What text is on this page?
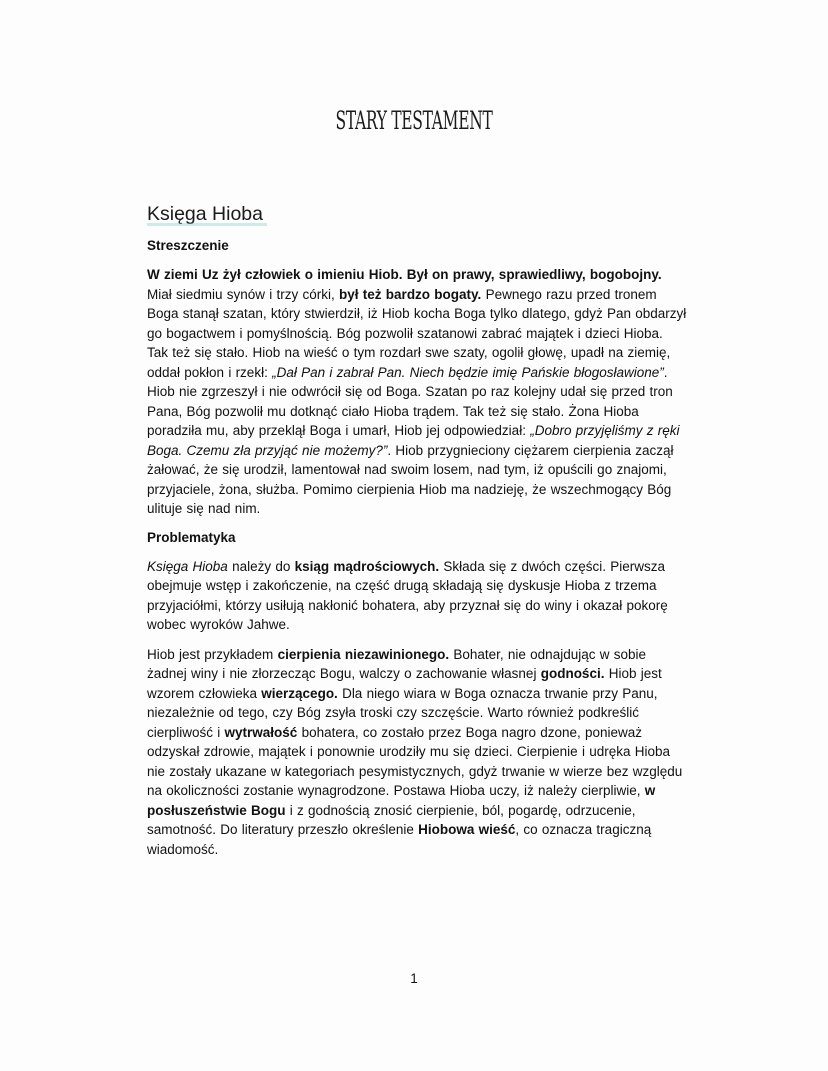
STARY TESTAMENT
Księga Hioba
Streszczenie

W ziemi Uz żył człowiek o imieniu Hiob. Był on prawy, sprawiedliwy, bogobojny. Miał siedmiu synów i trzy córki, był też bardzo bogaty. Pewnego razu przed tronem Boga stanął szatan, który stwierdził, iż Hiob kocha Boga tylko dlatego, gdyż Pan obdarzył go bogactwem i pomyślnością. Bóg pozwolił szatanowi zabrać majątek i dzieci Hioba. Tak też się stało. Hiob na wieść o tym rozdarł swe szaty, ogolił głowę, upadł na ziemię, oddał pokłon i rzekł: „Dał Pan i zabrał Pan. Niech będzie imię Pańskie błogosławione”. Hiob nie zgrzeszył i nie odwrócił się od Boga. Szatan po raz kolejny udał się przed tron Pana, Bóg pozwolił mu dotknąć ciało Hioba trądem. Tak też się stało. Żona Hioba poradziła mu, aby przeklął Boga i umarł, Hiob jej odpowiedział: „Dobro przyjęliśmy z ręki Boga. Czemu zła przyjąć nie możemy?”. Hiob przygnieciony ciężarem cierpienia zaczął żałować, że się urodził, lamentował nad swoim losem, nad tym, iż opuścili go znajomi, przyjaciele, żona, służba. Pomimo cierpienia Hiob ma nadzieję, że wszechmogący Bóg ulituje się nad nim.

Problematyka

Księga Hioba należy do ksiąg mądrościowych. Składa się z dwóch części. Pierwsza obejmuje wstęp i zakończenie, na część drugą składają się dyskusje Hioba z trzema przyjaciółmi, którzy usiłują nakłonić bohatera, aby przyznał się do winy i okazał pokorę wobec wyroków Jahwe.

Hiob jest przykładem cierpienia niezawinionego. Bohater, nie odnajdując w sobie żadnej winy i nie złorzecząc Bogu, walczy o zachowanie własnej godności. Hiob jest wzorem człowieka wierzącego. Dla niego wiara w Boga oznacza trwanie przy Panu, niezależnie od tego, czy Bóg zsyła troski czy szczęście. Warto również podkreślić cierpliwość i wytrwałość bohatera, co zostało przez Boga nagro dzone, ponieważ odzyskał zdrowie, majątek i ponownie urodziły mu się dzieci. Cierpienie i udręka Hioba nie zostały ukazane w kategoriach pesymistycznych, gdyż trwanie w wierze bez względu na okoliczności zostanie wynagrodzone. Postawa Hioba uczy, iż należy cierpliwie, w posłuszeństwie Bogu i z godnością znosić cierpienie, ból, pogardę, odrzucenie, samotność. Do literatury przeszło określenie Hiobowa wieść, co oznacza tragiczną wiadomość.

1
